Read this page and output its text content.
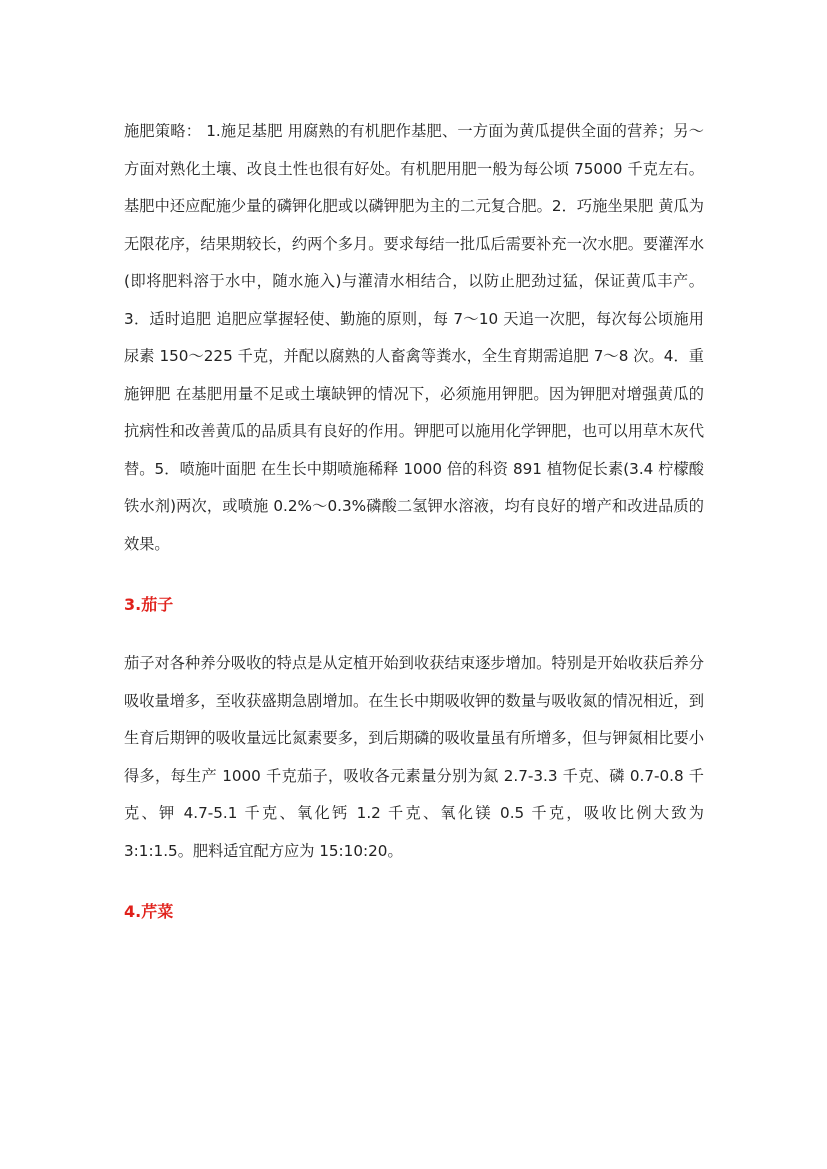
施肥策略： 1.施足基肥 用腐熟的有机肥作基肥、一方面为黄瓜提供全面的营养；另～方面对熟化土壤、改良土性也很有好处。有机肥用肥一般为每公顷 75000 千克左右。基肥中还应配施少量的磷钾化肥或以磷钾肥为主的二元复合肥。2．巧施坐果肥 黄瓜为无限花序，结果期较长，约两个多月。要求每结一批瓜后需要补充一次水肥。要灌浑水(即将肥料溶于水中，随水施入)与灌清水相结合，以防止肥劲过猛，保证黄瓜丰产。3．适时追肥 追肥应掌握轻使、勤施的原则，每 7～10 天追一次肥，每次每公顷施用尿素 150～225 千克，并配以腐熟的人畜禽等粪水，全生育期需追肥 7～8 次。4．重施钾肥 在基肥用量不足或土壤缺钾的情况下，必须施用钾肥。因为钾肥对增强黄瓜的抗病性和改善黄瓜的品质具有良好的作用。钾肥可以施用化学钾肥，也可以用草木灰代替。5．喷施叶面肥 在生长中期喷施稀释 1000 倍的科资 891 植物促长素(3.4 柠檬酸铁水剂)两次，或喷施 0.2%～0.3%磷酸二氢钾水溶液，均有良好的增产和改进品质的效果。

3.茄子

茄子对各种养分吸收的特点是从定植开始到收获结束逐步增加。特别是开始收获后养分吸收量增多，至收获盛期急剧增加。在生长中期吸收钾的数量与吸收氮的情况相近，到生育后期钾的吸收量远比氮素要多，到后期磷的吸收量虽有所增多，但与钾氮相比要小得多，每生产 1000 千克茄子，吸收各元素量分别为氮 2.7-3.3 千克、磷 0.7-0.8 千克、钾 4.7-5.1 千克、氧化钙 1.2 千克、氧化镁 0.5 千克，吸收比例大致为 3:1:1.5。肥料适宜配方应为 15:10:20。

4.芹菜
